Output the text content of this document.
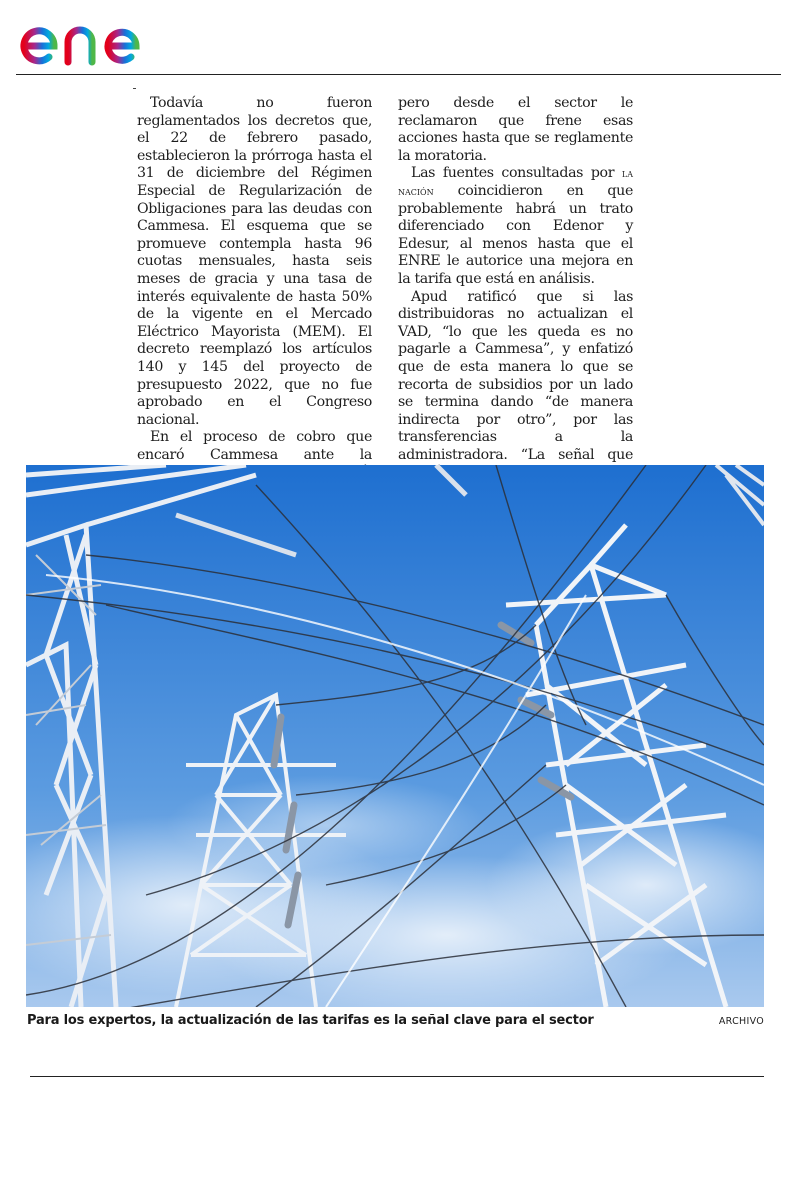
Todavía no fueron reglamentados los decretos que, el 22 de febrero pasado, establecieron la prórroga hasta el 31 de diciembre del Régimen Especial de Regularización de Obligaciones para las deudas con Cammesa. El esquema que se promueve contempla hasta 96 cuotas mensuales, hasta seis meses de gracia y una tasa de interés equivalente de hasta 50% de la vigente en el Mercado Eléctrico Mayorista (MEM). El decreto reemplazó los artículos 140 y 145 del proyecto de presupuesto 2022, que no fue aprobado en el Congreso nacional.

En el proceso de cobro que encaró Cammesa ante la

pero desde el sector le reclamaron que frene esas acciones hasta que se reglamente la moratoria.

Las fuentes consultadas por la nación coincidieron en que probablemente habrá un trato diferenciado con Edenor y Edesur, al menos hasta que el ENRE le autorice una mejora en la tarifa que está en análisis.

Apud ratificó que si las distribuidoras no actualizan el VAD, “lo que les queda es no pagarle a Cammesa”, y enfatizó que de esta manera lo que se recorta de subsidios por un lado se termina dando “de manera indirecta por otro”, por las transferencias a la administradora. “La señal que

Para los expertos, la actualización de las tarifas es la señal clave para el sector	ARCHIVO
